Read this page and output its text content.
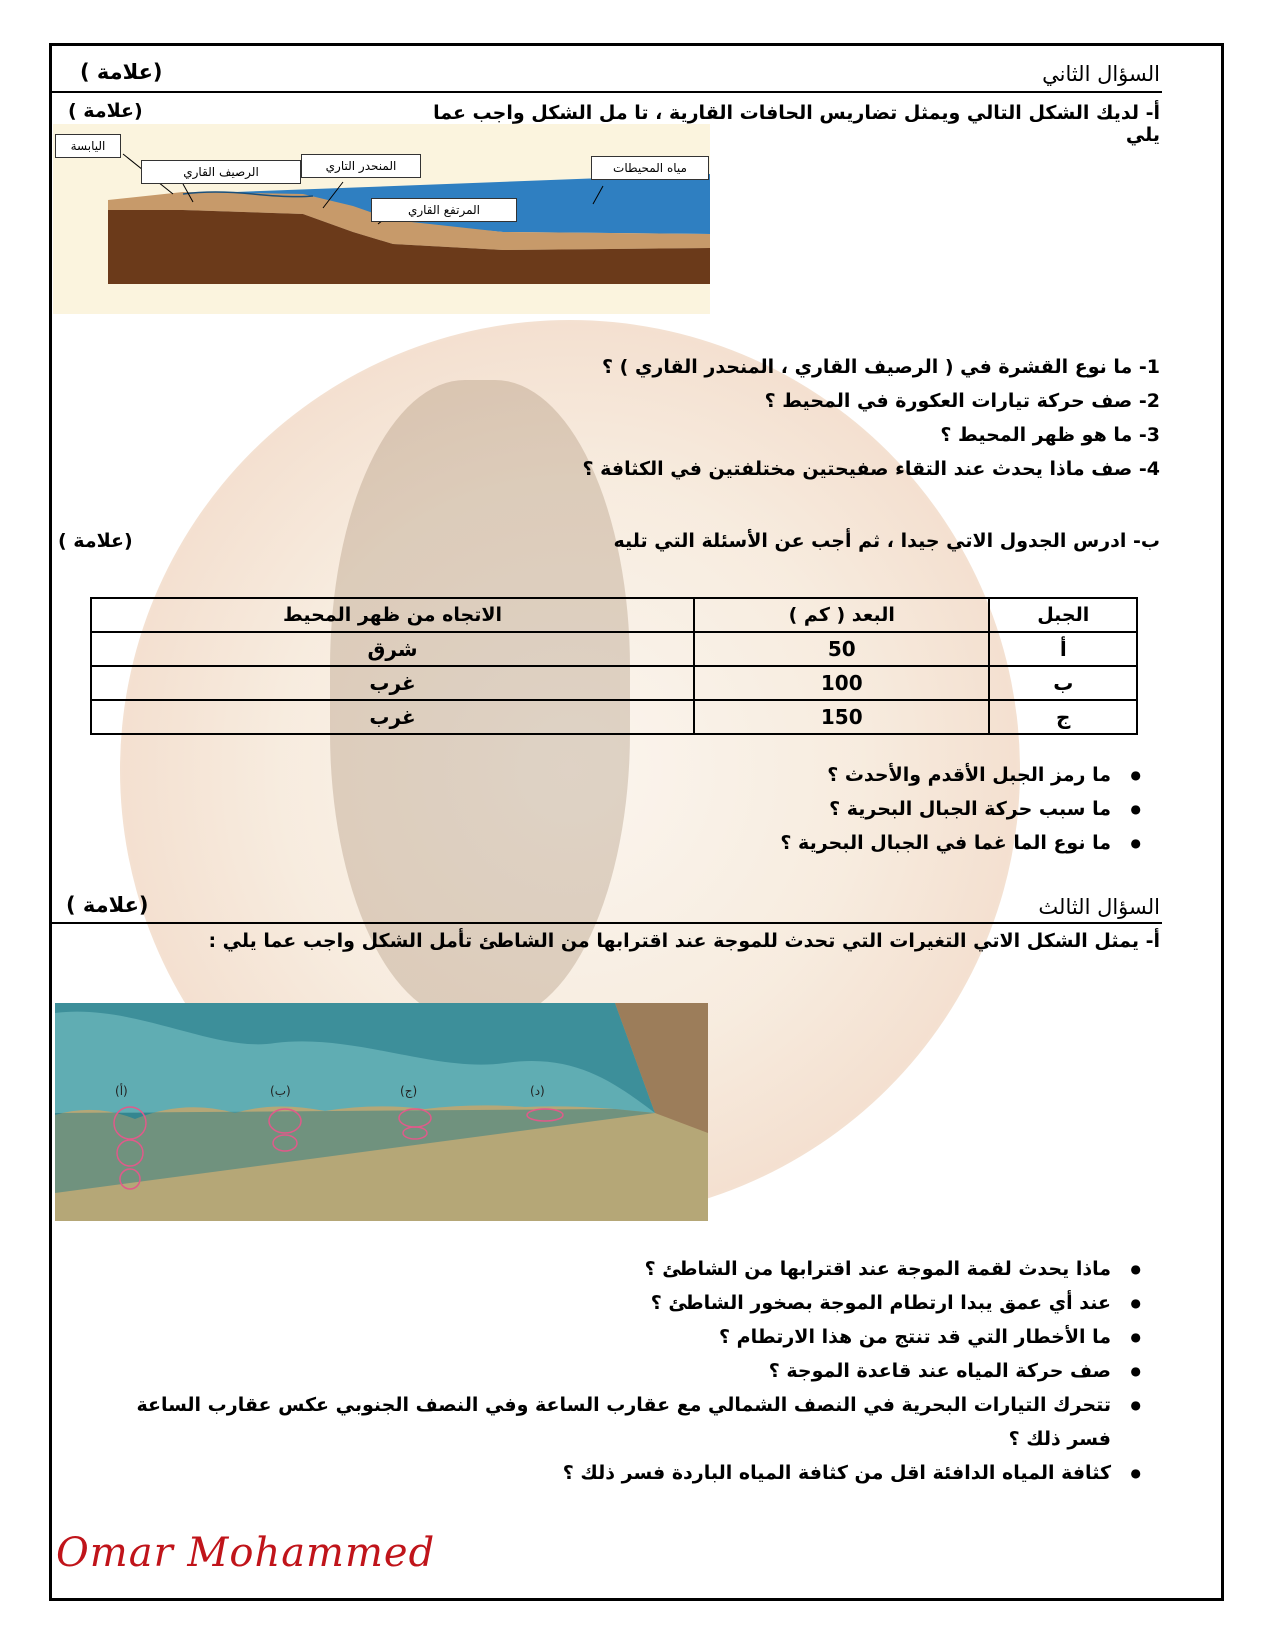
السؤال الثاني
(علامة )
أ- لديك الشكل التالي ويمثل تضاريس الحافات القارية ، تا مل الشكل واجب عما يلي
(علامة )
اليابسة
الرصيف القاري	المنحدر التاري
المرتفع القاري
مياه المحيطات
1- ما نوع القشرة في ( الرصيف القاري ، المنحدر القاري ) ؟
2- صف حركة تيارات العكورة في المحيط ؟
3- ما هو ظهر المحيط ؟
4- صف ماذا يحدث عند التقاء صفيحتين مختلفتين في الكثافة ؟
ب- ادرس الجدول الاتي جيدا ، ثم أجب عن الأسئلة التي تليه
(علامة )
الجبل	البعد ( كم )	الاتجاه من ظهر المحيط
أ	50	شرق
ب	100	غرب
ج	150	غرب
● ما رمز الجبل الأقدم والأحدث ؟
● ما سبب حركة الجبال البحرية ؟
● ما نوع الما غما في الجبال البحرية ؟
السؤال الثالث
(علامة )
أ- يمثل الشكل الاتي التغيرات التي تحدث للموجة عند اقترابها من الشاطئ تأمل الشكل واجب عما يلي :
(أ)	(ب)	(ج)	(د)
● ماذا يحدث لقمة الموجة عند اقترابها من الشاطئ ؟
● عند أي عمق يبدا ارتطام الموجة بصخور الشاطئ ؟
● ما الأخطار التي قد تنتج من هذا الارتطام ؟
● صف حركة المياه عند قاعدة الموجة ؟
● تتحرك التيارات البحرية في النصف الشمالي مع عقارب الساعة وفي النصف الجنوبي عكس عقارب الساعة فسر ذلك ؟
● كثافة المياه الدافئة اقل من كثافة المياه الباردة فسر ذلك ؟
Omar Mohammed
